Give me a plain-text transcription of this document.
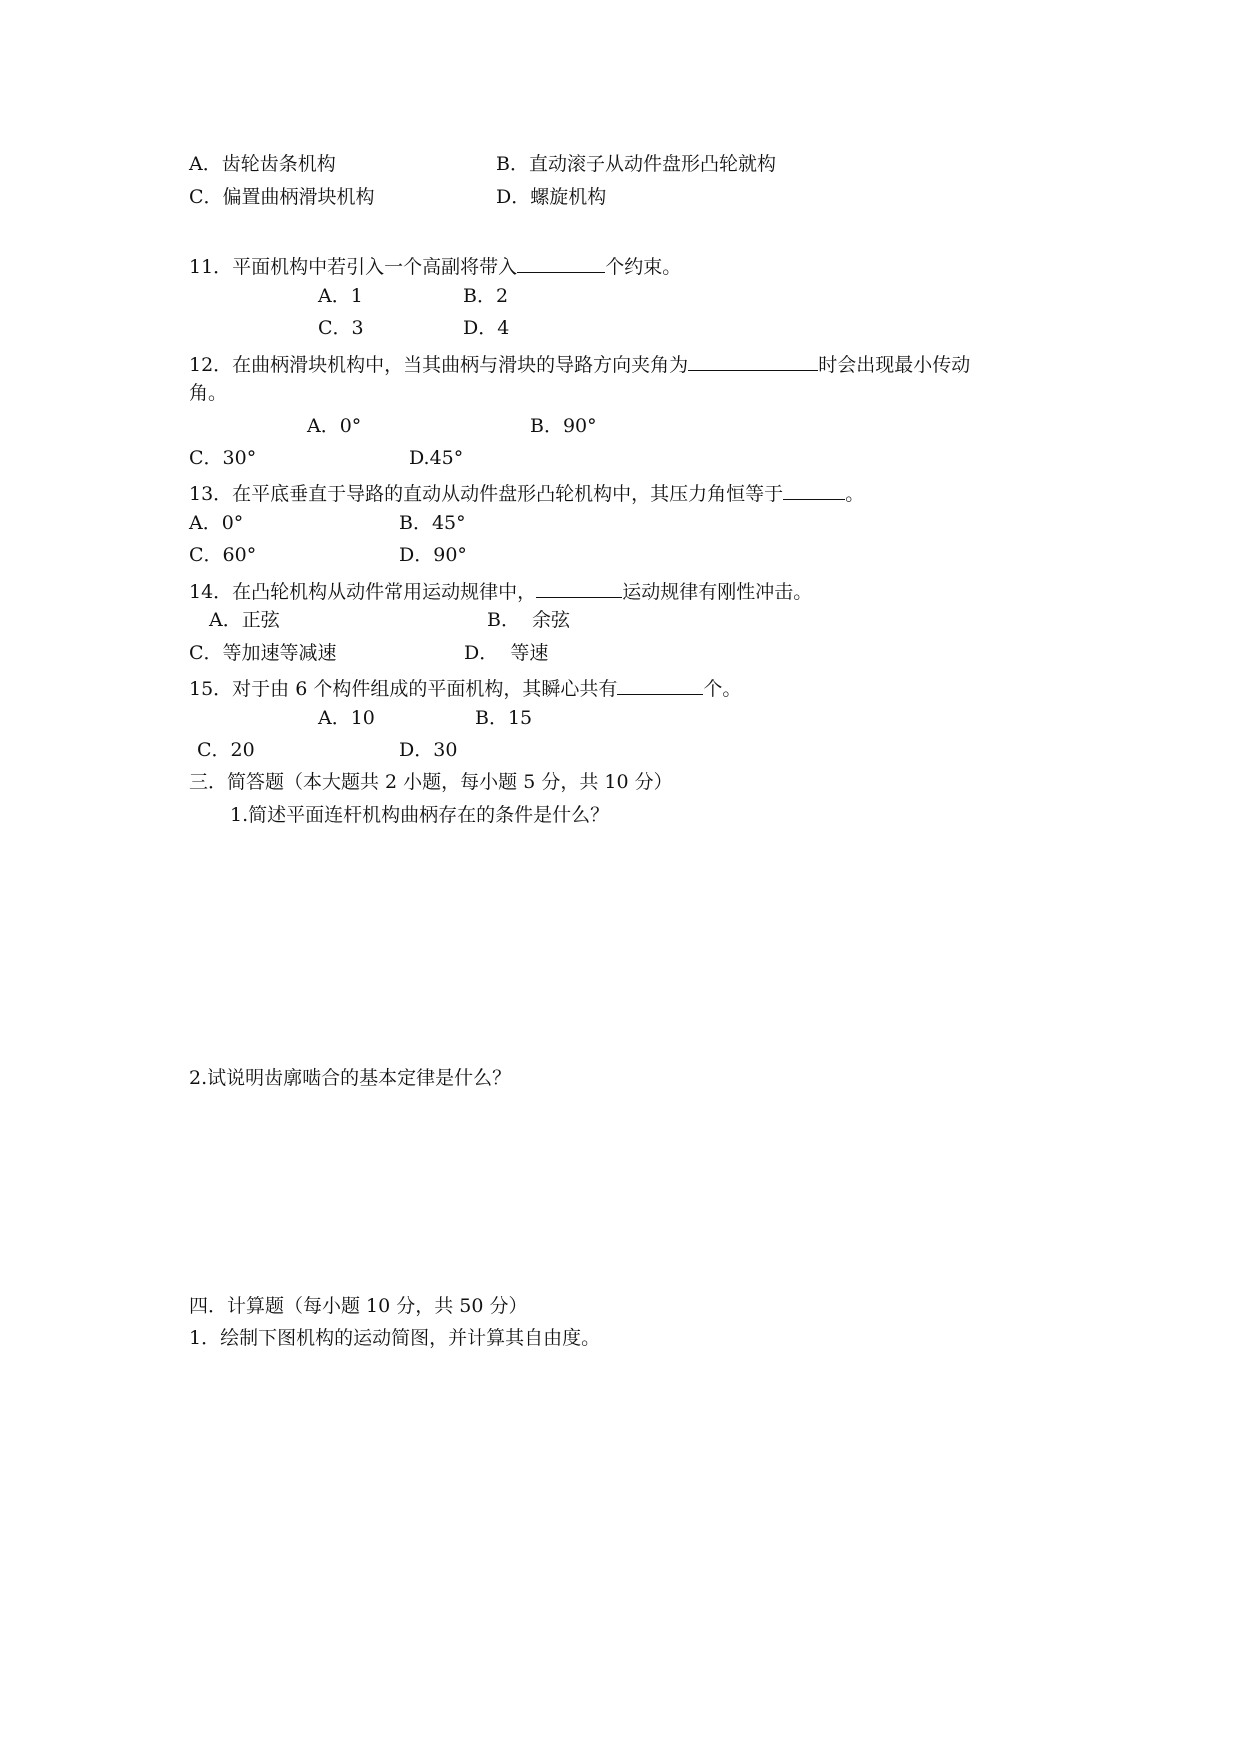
A．齿轮齿条机构	B．直动滚子从动件盘形凸轮就构
C．偏置曲柄滑块机构	D．螺旋机构
11．平面机构中若引入一个高副将带入	个约束。
A．1	B．2
C．3	D．4
12．在曲柄滑块机构中，当其曲柄与滑块的导路方向夹角为	时会出现最小传动
角。
A．0°	B．90°
C．30°	D.45°
13．在平底垂直于导路的直动从动件盘形凸轮机构中，其压力角恒等于	。
A．0°	B．45°
C．60°	D．90°
14．在凸轮机构从动件常用运动规律中，	运动规律有刚性冲击。
A．正弦	B．  余弦
C．等加速等减速	D．  等速
15．对于由 6 个构件组成的平面机构，其瞬心共有	个。
A．10	B．15
C．20	D．30
三．简答题（本大题共 2 小题，每小题 5 分，共 10 分）
1.简述平面连杆机构曲柄存在的条件是什么？
2.试说明齿廓啮合的基本定律是什么？
四．计算题（每小题 10 分，共 50 分）
1．绘制下图机构的运动简图，并计算其自由度。
